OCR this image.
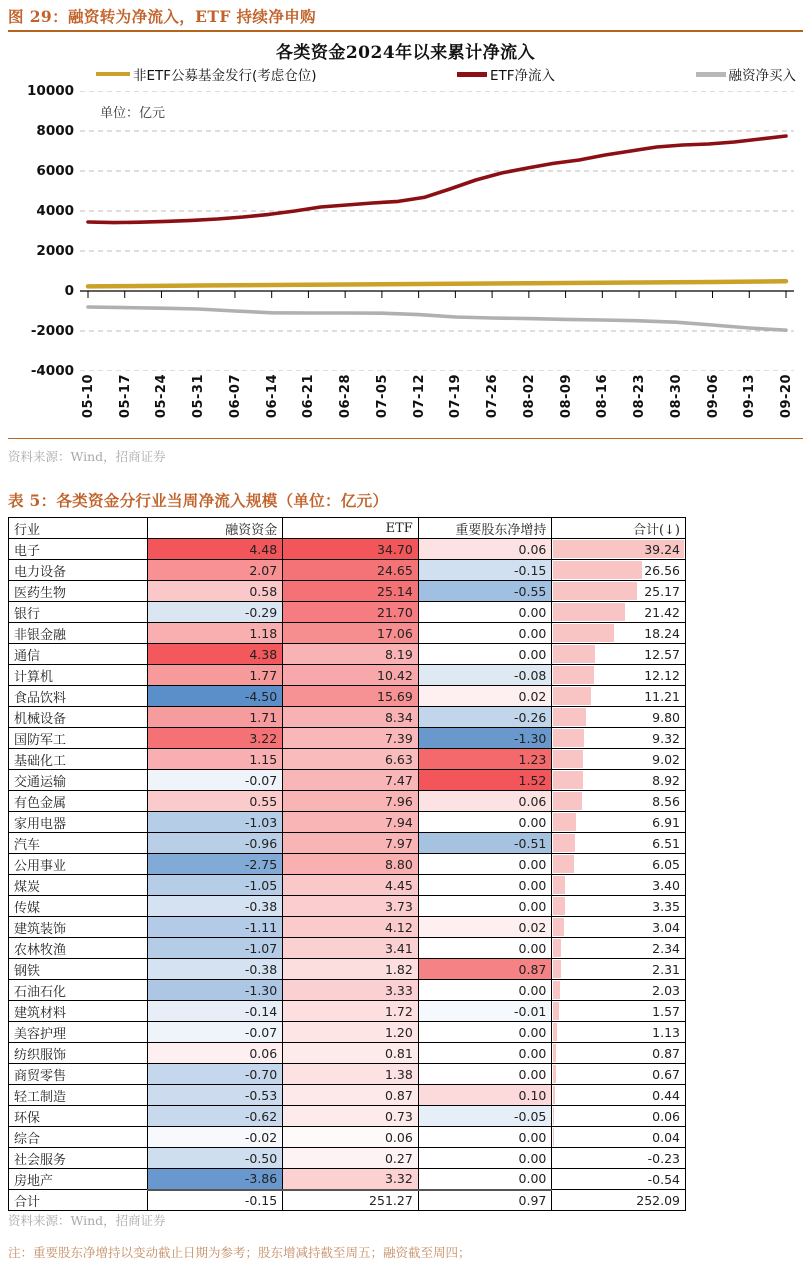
图 29：融资转为净流入，ETF 持续净申购
各类资金2024年以来累计净流入
非ETF公募基金发行(考虑仓位)	ETF净流入	融资净买入
10000
8000
6000
4000
2000
0
-2000
-4000
单位：亿元
05-10 05-17 05-24 05-31 06-07 06-14 06-21 06-28 07-05 07-12 07-19 07-26 08-02 08-09 08-16 08-23 08-30 09-06 09-13 09-20
资料来源：Wind，招商证券
表 5：各类资金分行业当周净流入规模（单位：亿元）
行业	融资资金	ETF	重要股东净增持	合计(↓)
电子	4.48	34.70	0.06	39.24
电力设备	2.07	24.65	-0.15	26.56
医药生物	0.58	25.14	-0.55	25.17
银行	-0.29	21.70	0.00	21.42
非银金融	1.18	17.06	0.00	18.24
通信	4.38	8.19	0.00	12.57
计算机	1.77	10.42	-0.08	12.12
食品饮料	-4.50	15.69	0.02	11.21
机械设备	1.71	8.34	-0.26	9.80
国防军工	3.22	7.39	-1.30	9.32
基础化工	1.15	6.63	1.23	9.02
交通运输	-0.07	7.47	1.52	8.92
有色金属	0.55	7.96	0.06	8.56
家用电器	-1.03	7.94	0.00	6.91
汽车	-0.96	7.97	-0.51	6.51
公用事业	-2.75	8.80	0.00	6.05
煤炭	-1.05	4.45	0.00	3.40
传媒	-0.38	3.73	0.00	3.35
建筑装饰	-1.11	4.12	0.02	3.04
农林牧渔	-1.07	3.41	0.00	2.34
钢铁	-0.38	1.82	0.87	2.31
石油石化	-1.30	3.33	0.00	2.03
建筑材料	-0.14	1.72	-0.01	1.57
美容护理	-0.07	1.20	0.00	1.13
纺织服饰	0.06	0.81	0.00	0.87
商贸零售	-0.70	1.38	0.00	0.67
轻工制造	-0.53	0.87	0.10	0.44
环保	-0.62	0.73	-0.05	0.06
综合	-0.02	0.06	0.00	0.04
社会服务	-0.50	0.27	0.00	-0.23
房地产	-3.86	3.32	0.00	-0.54
合计	-0.15	251.27	0.97	252.09
资料来源：Wind，招商证券
注：重要股东净增持以变动截止日期为参考；股东增减持截至周五；融资截至周四；
